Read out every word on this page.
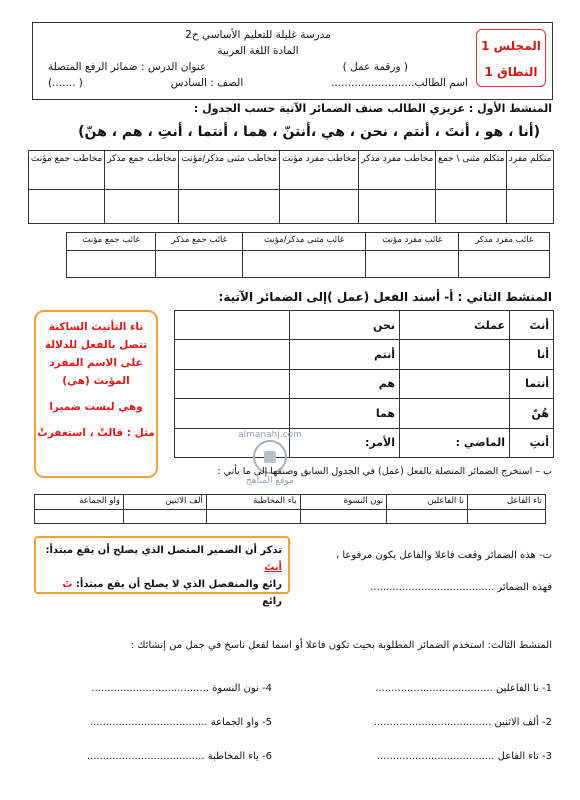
المجلس 1
النطاق 1
مدرسة غليلة للتعليم الأساسي ح2
المادة اللغة العربية
( ورقمة عمل )
عنوان الدرس : ضمائر الرفع المتصلة
اسم الطالب.........................
الصف : السادس
( .......)
المنشط الأول : عزيزي الطالب صنف الضمائر الآتية حسب الجدول :
(أنا ، هو ، أنتَ ، أنتم ، نحن ، هي ،أنتنّ ، هما ، أنتما ، أنتِ ، هم ، هنّ)
متكلم مفرد	متكلم مثنى \ جمع	مخاطب مفرد مذكر	مخاطب مفرد مؤنث	مخاطب مثنى مذكر/مؤنث	مخاطب جمع مذكر	مخاطب جمع مؤنث

غائب مفرد مذكر	غائب مفرد مؤنث	غائب مثنى مذكر/مؤنث	غائب جمع مذكر	غائب جمع مؤنث

المنشط الثاني : أ- أسند الفعل (عمل )إلى الضمائر الآتية:
أنتَ	عملتَ	نحن	
أنا		أنتم	
أنتما		هم	
هُنّ		هما	
أنتِ	الماضي :	الأمر:	
تاء التأنيث الساكنة
تتصل بالفعل للدلالة
على الاسم المفرد
المؤنث (هي)
وهي ليست ضميرا
مثل : قالتْ ، استغفرتْ	almanahj.com
موقع المناهج
ب – استخرج الضمائر المتصلة بالفعل (عمل) في الجدول السابق وصنفها إلى ما يأتي :
تاء الفاعل	نا الفاعلين	نون النسوة	ياء المخاطبة	ألف الاثنين	واو الجماعة

تذكر أن الضمير المتصل الذي يصلح أن يقع مبتدأ: أنتَ
رائع والمنفصل الذي لا يصلح أن يقع مبتدأ: تَ رائع
ت- هذه الضمائر وقعت فاعلا والفاعل يكون مرفوعا ،
فهذه الضمائر .......................................
المنشط الثالث: استخدم الضمائر المطلوبة بحيث تكون فاعلا أو اسما لفعل ناسخ في جمل من إنشائك :
1- نا الفاعلين .....................................
4- نون النسوة .....................................
2- ألف الاثنين .....................................
5- واو الجماعة .....................................
3- تاء الفاعل .....................................
6- ياء المخاطبة .....................................
